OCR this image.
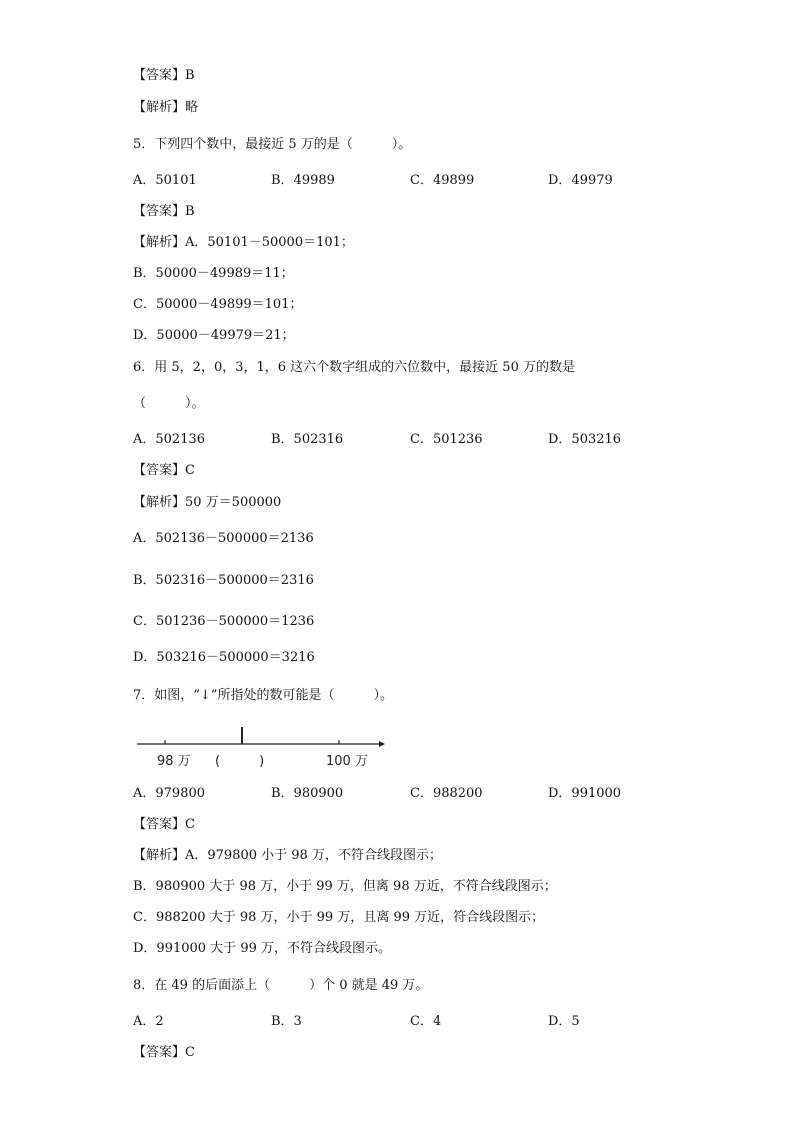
【答案】B
【解析】略
5．下列四个数中，最接近 5 万的是（　　　）。
A．50101	B．49989	C．49899	D．49979
【答案】B
【解析】A．50101－50000＝101；
B．50000－49989＝11；
C．50000－49899＝101；
D．50000－49979＝21；
6．用 5，2，0，3，1，6 这六个数字组成的六位数中，最接近 50 万的数是
（　　　）。
A．502136	B．502316	C．501236	D．503216
【答案】C
【解析】50 万＝500000
A．502136－500000＝2136
B．502316－500000＝2316
C．501236－500000＝1236
D．503216－500000＝3216
7．如图，“↓”所指处的数可能是（　　　）。
98 万 (　　　)	100 万
A．979800	B．980900	C．988200	D．991000
【答案】C
【解析】A．979800 小于 98 万，不符合线段图示；
B．980900 大于 98 万，小于 99 万，但离 98 万近，不符合线段图示；
C．988200 大于 98 万，小于 99 万，且离 99 万近，符合线段图示；
D．991000 大于 99 万，不符合线段图示。
8．在 49 的后面添上（　　　）个 0 就是 49 万。
A．2	B．3	C．4	D．5
【答案】C
